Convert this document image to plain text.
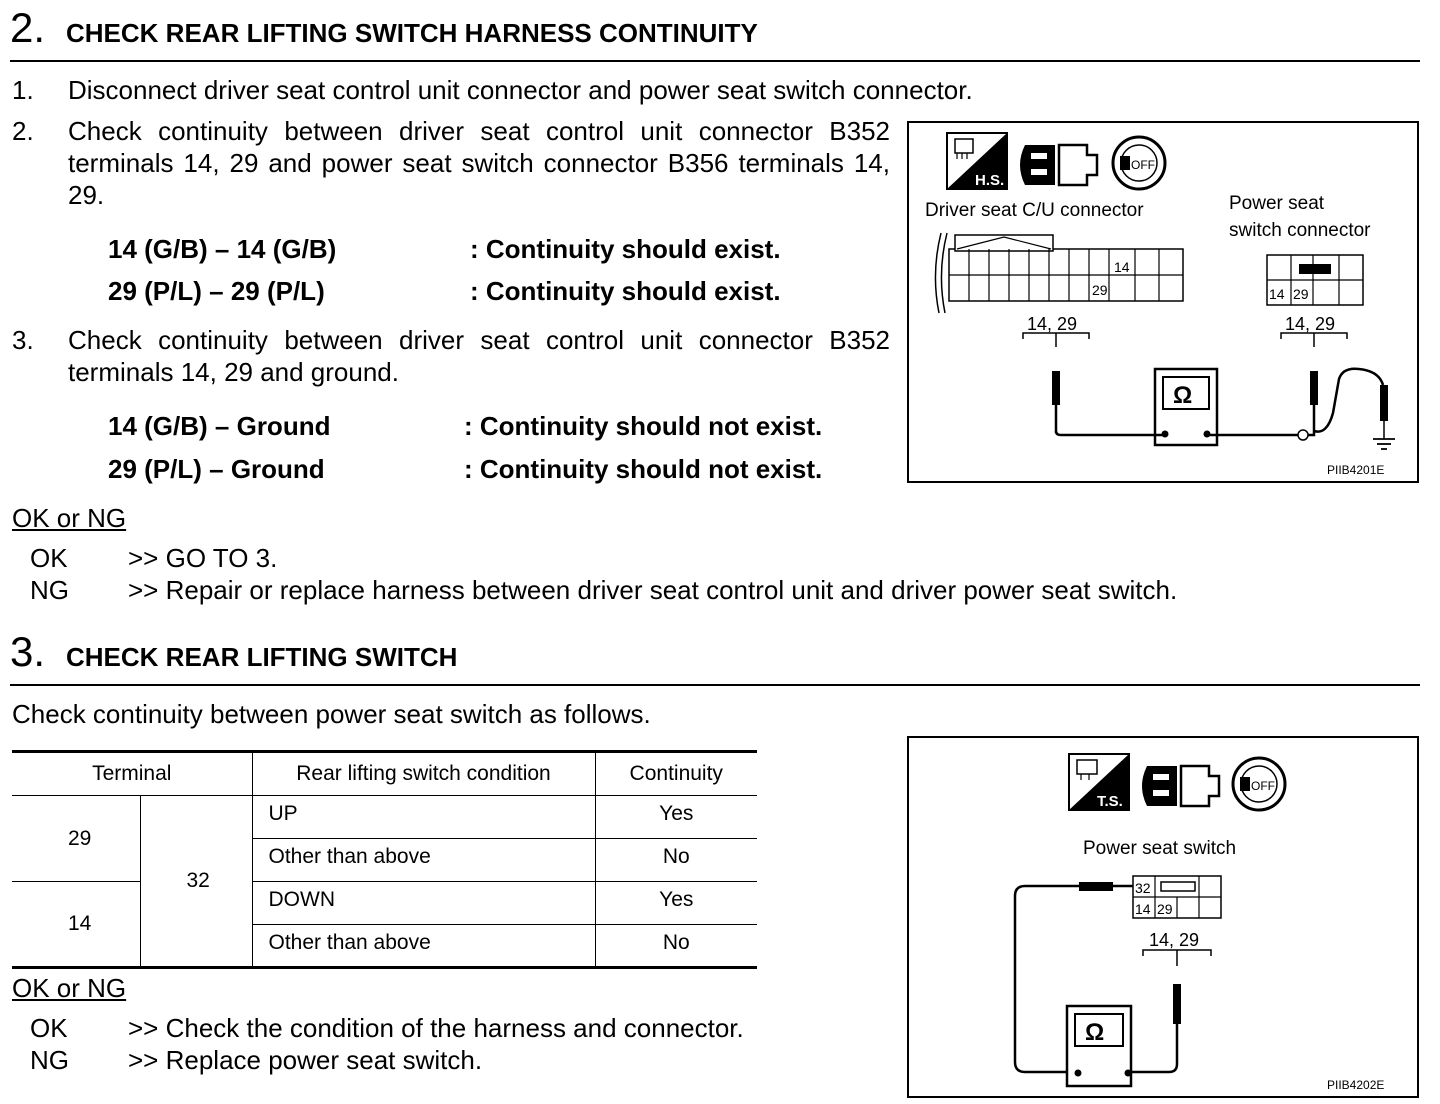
2. CHECK REAR LIFTING SWITCH HARNESS CONTINUITY
1. Disconnect driver seat control unit connector and power seat switch connector.
2. Check continuity between driver seat control unit connector B352 terminals 14, 29 and power seat switch connector B356 terminals 14, 29.
14 (G/B) – 14 (G/B)	: Continuity should exist.
29 (P/L) – 29 (P/L)	: Continuity should exist.
3. Check continuity between driver seat control unit connector B352 terminals 14, 29 and ground.
14 (G/B) – Ground	: Continuity should not exist.
29 (P/L) – Ground	: Continuity should not exist.
OK or NG
OK >> GO TO 3.
NG >> Repair or replace harness between driver seat control unit and driver power seat switch.
H.S.
OFF
Driver seat C/U connector	Power seat
switch connector
14
29	14 29
14, 29	14, 29
Ω
PIIB4201E
3. CHECK REAR LIFTING SWITCH
Check continuity between power seat switch as follows.
Terminal		Rear lifting switch condition	Continuity
29	32	UP	Yes
		Other than above	No
14		DOWN	Yes
		Other than above	No
OK or NG
OK >> Check the condition of the harness and connector.
NG >> Replace power seat switch.
T.S.
OFF
Power seat switch
32
14 29
14, 29
Ω
PIIB4202E
